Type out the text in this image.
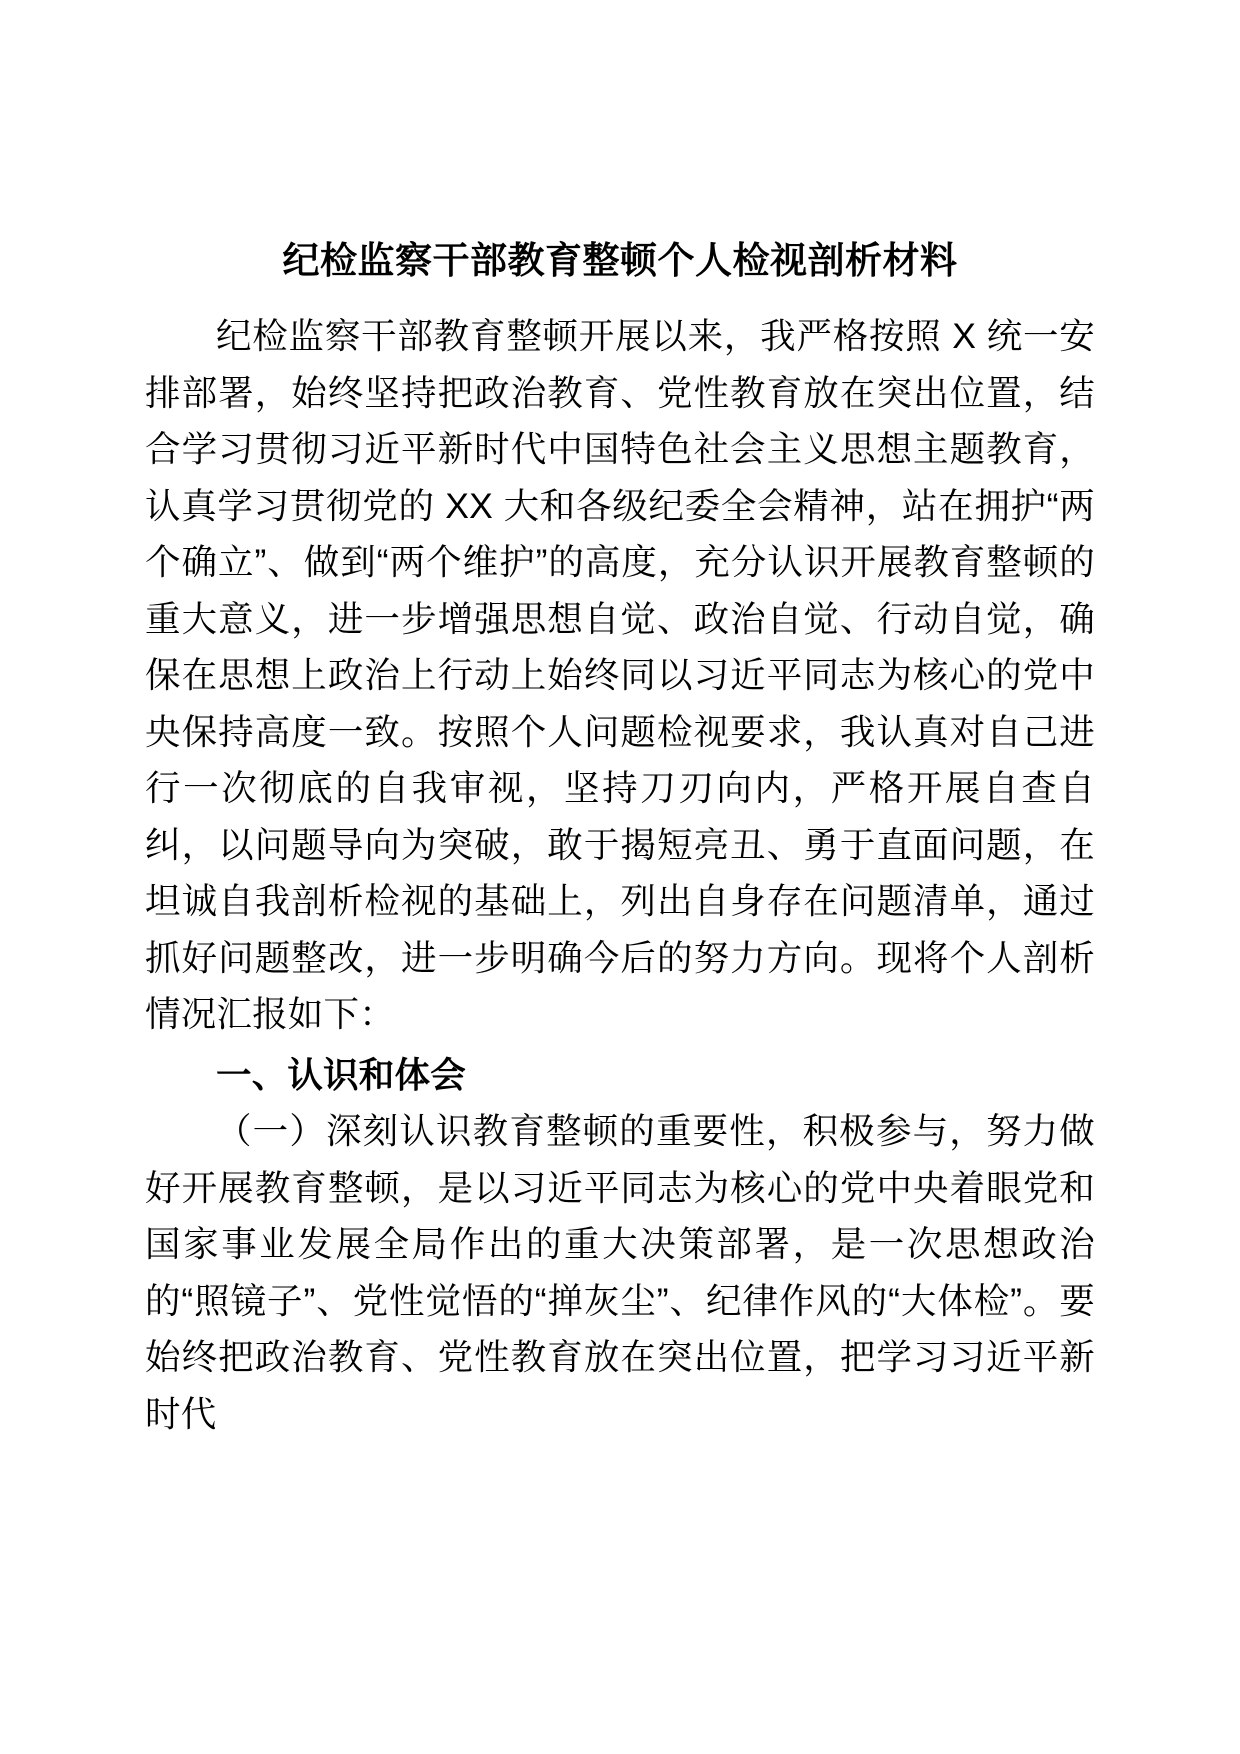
纪检监察干部教育整顿个人检视剖析材料

纪检监察干部教育整顿开展以来，我严格按照 X 统一安排部署，始终坚持把政治教育、党性教育放在突出位置，结合学习贯彻习近平新时代中国特色社会主义思想主题教育，认真学习贯彻党的 XX 大和各级纪委全会精神，站在拥护“两个确立”、做到“两个维护”的高度，充分认识开展教育整顿的重大意义，进一步增强思想自觉、政治自觉、行动自觉，确保在思想上政治上行动上始终同以习近平同志为核心的党中央保持高度一致。按照个人问题检视要求，我认真对自己进行一次彻底的自我审视，坚持刀刃向内，严格开展自查自纠，以问题导向为突破，敢于揭短亮丑、勇于直面问题，在坦诚自我剖析检视的基础上，列出自身存在问题清单，通过抓好问题整改，进一步明确今后的努力方向。现将个人剖析情况汇报如下：

一、认识和体会

（一）深刻认识教育整顿的重要性，积极参与，努力做好开展教育整顿，是以习近平同志为核心的党中央着眼党和国家事业发展全局作出的重大决策部署，是一次思想政治的“照镜子”、党性觉悟的“掸灰尘”、纪律作风的“大体检”。要始终把政治教育、党性教育放在突出位置，把学习习近平新时代
